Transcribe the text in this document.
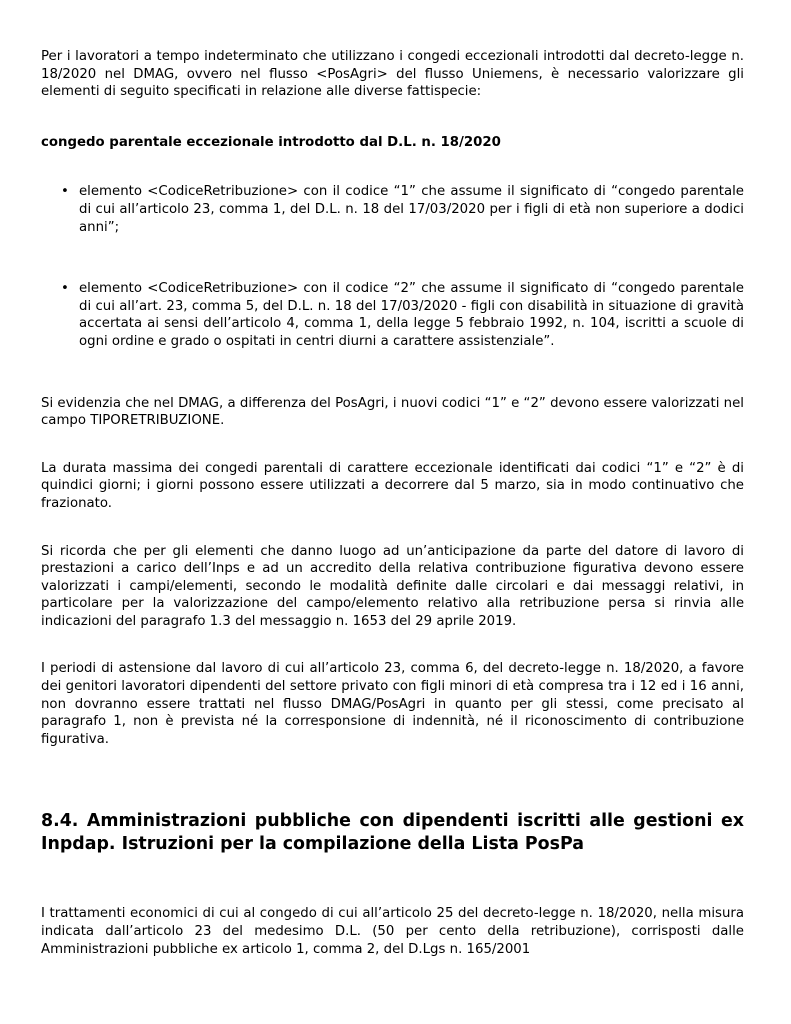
Per i lavoratori a tempo indeterminato che utilizzano i congedi eccezionali introdotti dal decreto-legge n. 18/2020 nel DMAG, ovvero nel flusso <PosAgri> del flusso Uniemens, è necessario valorizzare gli elementi di seguito specificati in relazione alle diverse fattispecie:

congedo parentale eccezionale introdotto dal D.L. n. 18/2020

• elemento <CodiceRetribuzione> con il codice “1” che assume il significato di “congedo parentale di cui all’articolo 23, comma 1, del D.L. n. 18 del 17/03/2020 per i figli di età non superiore a dodici anni”;

• elemento <CodiceRetribuzione> con il codice “2” che assume il significato di “congedo parentale di cui all’art. 23, comma 5, del D.L. n. 18 del 17/03/2020 - figli con disabilità in situazione di gravità accertata ai sensi dell’articolo 4, comma 1, della legge 5 febbraio 1992, n. 104, iscritti a scuole di ogni ordine e grado o ospitati in centri diurni a carattere assistenziale”.

Si evidenzia che nel DMAG, a differenza del PosAgri, i nuovi codici “1” e “2” devono essere valorizzati nel campo TIPORETRIBUZIONE.

La durata massima dei congedi parentali di carattere eccezionale identificati dai codici “1” e “2” è di quindici giorni; i giorni possono essere utilizzati a decorrere dal 5 marzo, sia in modo continuativo che frazionato.

Si ricorda che per gli elementi che danno luogo ad un’anticipazione da parte del datore di lavoro di prestazioni a carico dell’Inps e ad un accredito della relativa contribuzione figurativa devono essere valorizzati i campi/elementi, secondo le modalità definite dalle circolari e dai messaggi relativi, in particolare per la valorizzazione del campo/elemento relativo alla retribuzione persa si rinvia alle indicazioni del paragrafo 1.3 del messaggio n. 1653 del 29 aprile 2019.

I periodi di astensione dal lavoro di cui all’articolo 23, comma 6, del decreto-legge n. 18/2020, a favore dei genitori lavoratori dipendenti del settore privato con figli minori di età compresa tra i 12 ed i 16 anni, non dovranno essere trattati nel flusso DMAG/PosAgri in quanto per gli stessi, come precisato al paragrafo 1, non è prevista né la corresponsione di indennità, né il riconoscimento di contribuzione figurativa.

8.4. Amministrazioni pubbliche con dipendenti iscritti alle gestioni ex Inpdap. Istruzioni per la compilazione della Lista PosPa

I trattamenti economici di cui al congedo di cui all’articolo 25 del decreto-legge n. 18/2020, nella misura indicata dall’articolo 23 del medesimo D.L. (50 per cento della retribuzione), corrisposti dalle Amministrazioni pubbliche ex articolo 1, comma 2, del D.Lgs n. 165/2001
